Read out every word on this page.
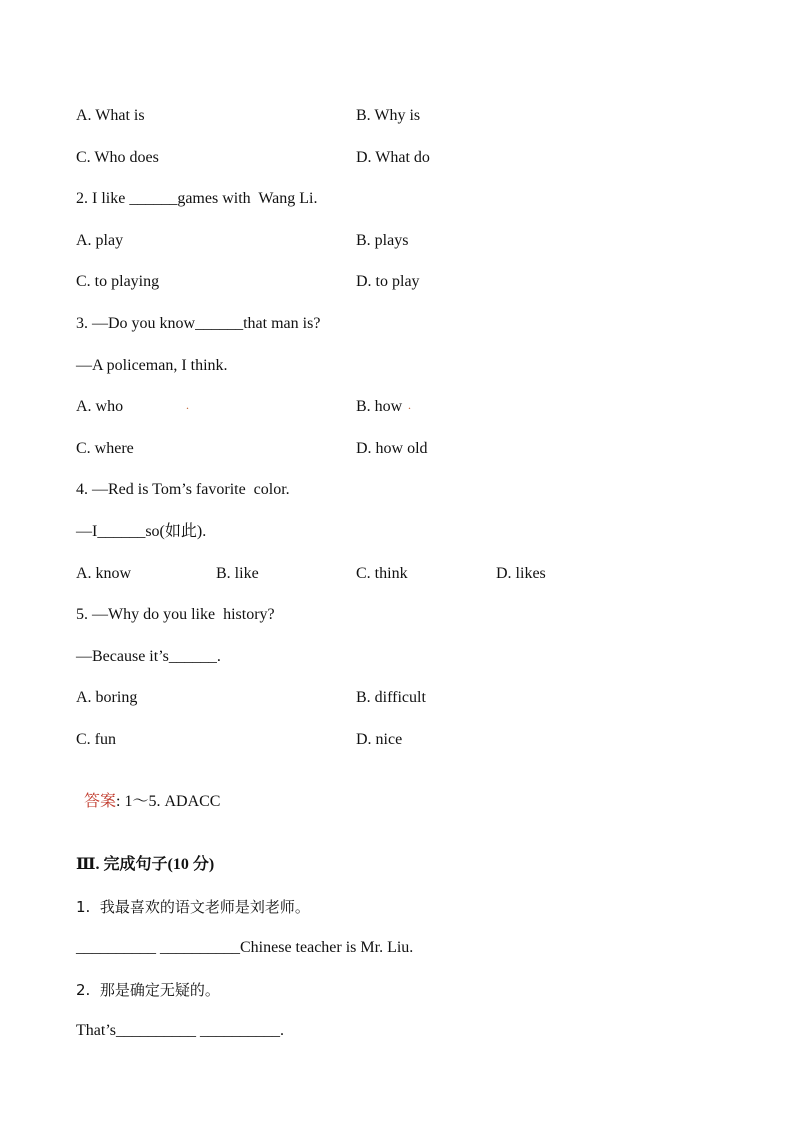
A. What is	B. Why is
C. Who does	D. What do
2. I like ______games with  Wang Li.
A. play	B. plays
C. to playing	D. to play
3. —Do you know______that man is?
—A policeman, I think.
A. who	.	B. how .
C. where	D. how old
4. —Red is Tom’s favorite  color.
—I______so(如此).
A. know	B. like	C. think	D. likes
5. —Why do you like  history?
—Because it’s______.
A. boring	B. difficult
C. fun	D. nice

答案: 1～5. ADACC

Ⅲ. 完成句子(10 分)
1.  我最喜欢的语文老师是刘老师。
__________ __________Chinese teacher is Mr. Liu.
2.  那是确定无疑的。
That’s__________ __________.
